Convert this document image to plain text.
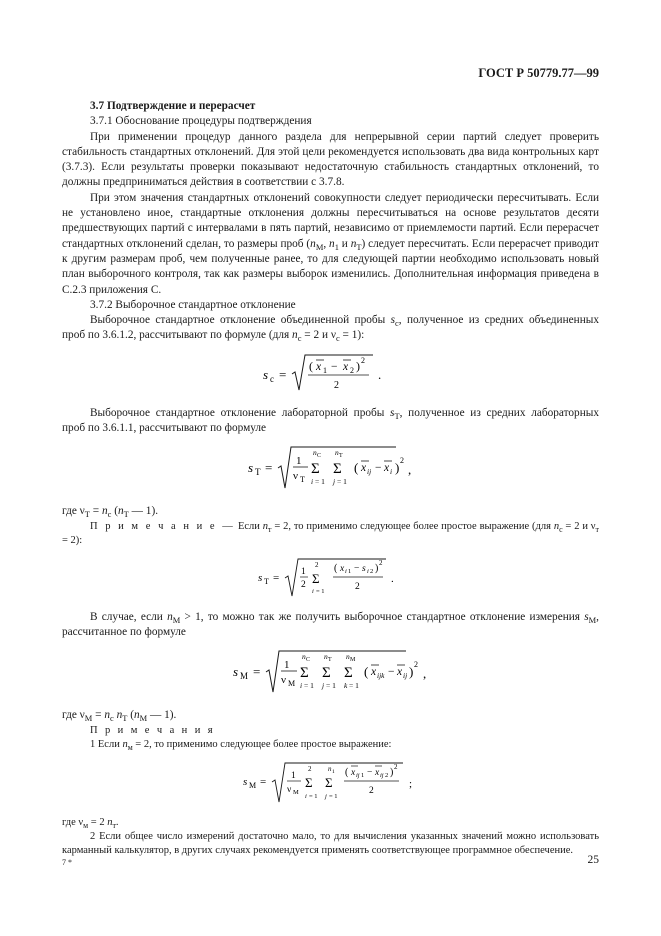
ГОСТ Р 50779.77—99

3.7 Подтверждение и перерасчет

3.7.1 Обоснование процедуры подтверждения

При применении процедур данного раздела для непрерывной серии партий следует проверить стабильность стандартных отклонений. Для этой цели рекомендуется использовать два вида контрольных карт (3.7.3). Если результаты проверки показывают недостаточную стабильность стандартных отклонений, то должны предприниматься действия в соответствии с 3.7.8.

При этом значения стандартных отклонений совокупности следует периодически пересчитывать. Если не установлено иное, стандартные отклонения должны пересчитываться на основе результатов десяти предшествующих партий с интервалами в пять партий, независимо от приемлемости партий. Если перерасчет стандартных отклонений сделан, то размеры проб ($n_М$, $n_1$ и $n_T$) следует пересчитать. Если перерасчет приводит к другим размерам проб, чем полученные ранее, то для следующей партии необходимо использовать новый план выборочного контроля, так как размеры выборок изменились. Дополнительная информация приведена в С.2.3 приложения С.

3.7.2 Выборочное стандартное отклонение

Выборочное стандартное отклонение объединенной пробы $s_c$, полученное из средних объединенных проб по 3.6.1.2, рассчитывают по формуле (для $n_c = 2$ и $\nu_c = 1$):

s c =
( x 1 − x 2 ) 2
2
.

Выборочное стандартное отклонение лабораторной пробы $s_T$, полученное из средних лабораторных проб по 3.6.1.1, рассчитывают по формуле

s T = 1
ν T
n C
Σ
i = 1
n T
Σ
j = 1
( x ij − x i ) 2
,

где $\nu_T = n_c$ ($n_T$ — 1).

П р и м е ч а н и е — Если $n_т = 2$, то применимо следующее более простое выражение (для $n_c = 2$ и $\nu_т = 2$):

s T = 1
2
2
Σ
i = 1
( x i 1 − s i 2 ) 2
2
.

В случае, если $n_М > 1$, то можно так же получить выборочное стандартное отклонение измерения $s_М$, рассчитанное по формуле

s M = 1
ν M
n C
Σ
i = 1
n T
Σ
j = 1
n M
Σ
k = 1
( x ijk − x ij ) 2
,

где $\nu_М = n_c$ $n_T$ ($n_М$ — 1).

П р и м е ч а н и я

1 Если $n_м = 2$, то применимо следующее более простое выражение:

s M =	1
ν M
2
Σ
i = 1
n 1
Σ
j = 1
( x ij 1 − x ij 2 ) 2
2
;

где $\nu_м = 2$ $n_т$.

2 Если общее число измерений достаточно мало, то для вычисления указанных значений можно использовать карманный калькулятор, в других случаях рекомендуется применять соответствующее программное обеспечение.

7 *	25
